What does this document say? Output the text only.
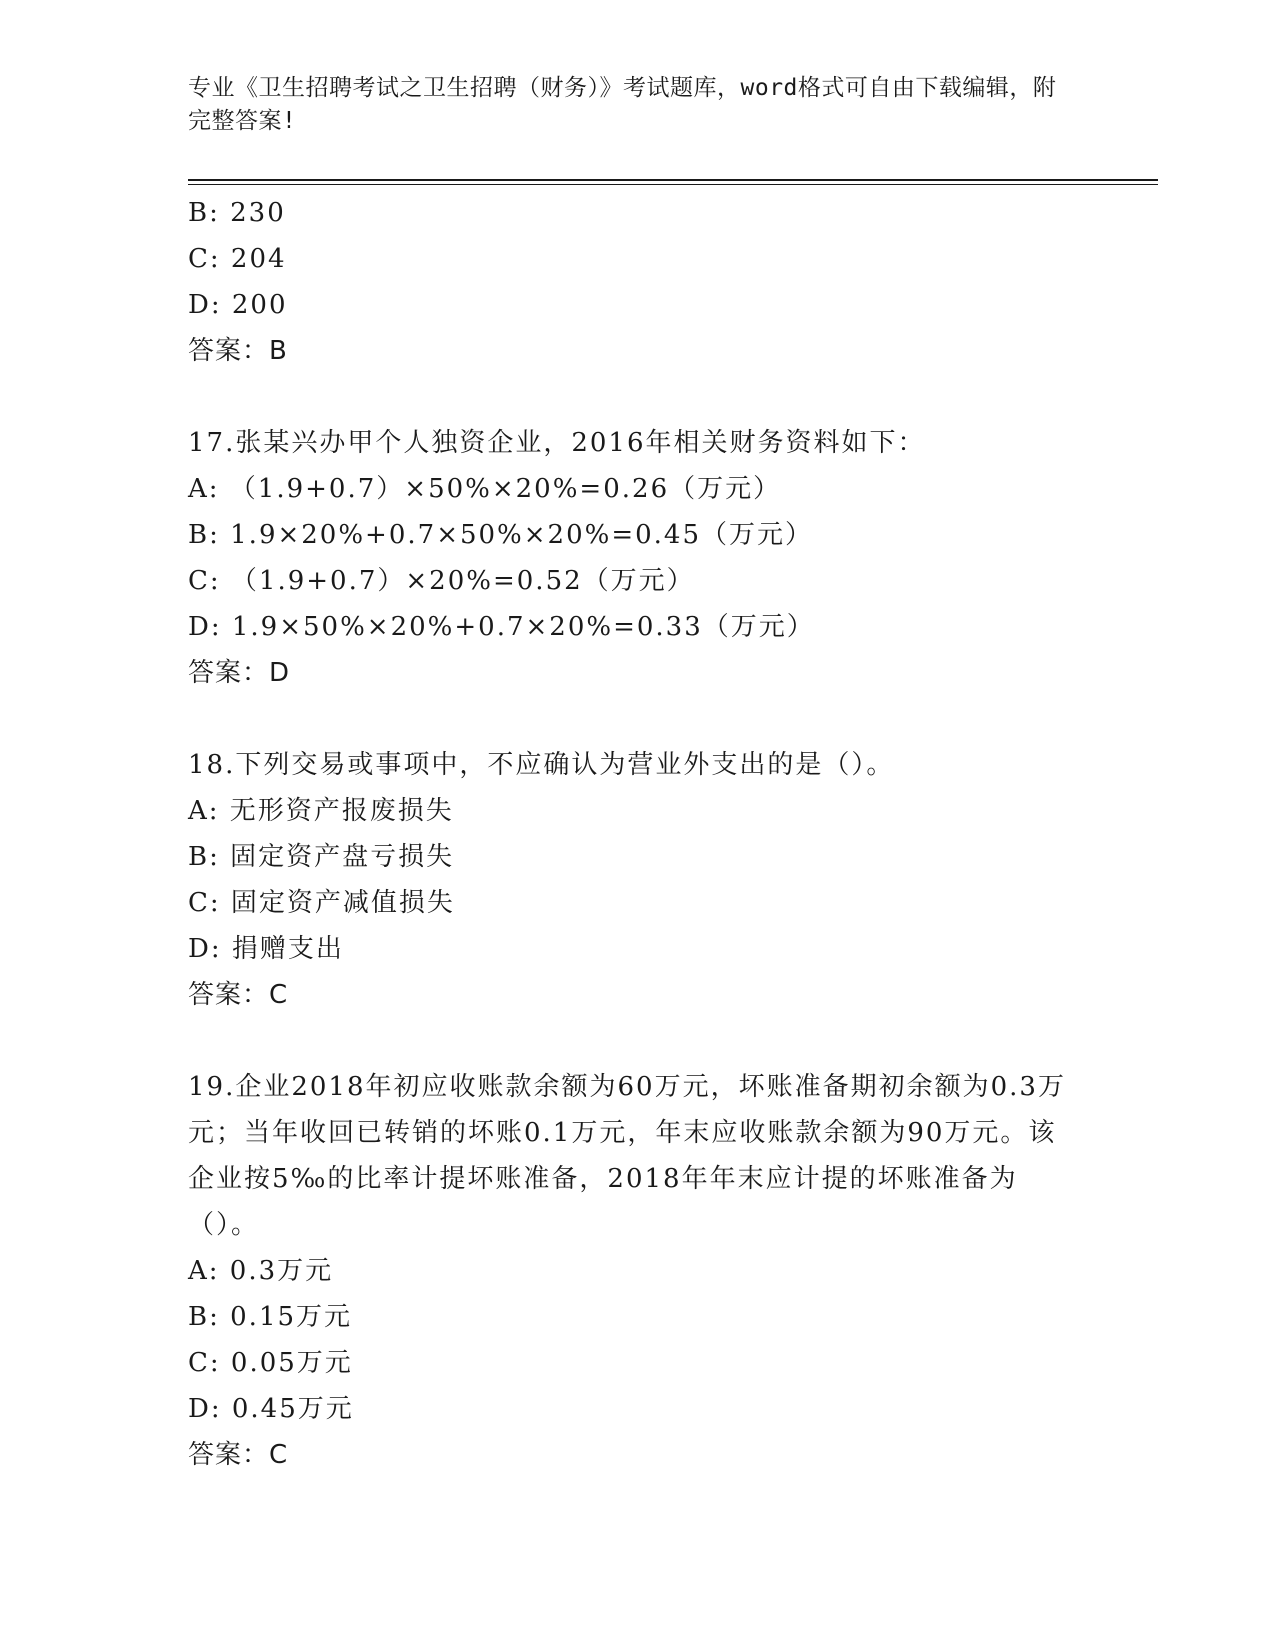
专业《卫生招聘考试之卫生招聘（财务）》考试题库，word格式可自由下载编辑，附完整答案!
B: 230
C: 204
D: 200
答案：B
17.张某兴办甲个人独资企业，2016年相关财务资料如下：
A: （1.9+0.7）×50%×20%=0.26（万元）
B: 1.9×20%+0.7×50%×20%=0.45（万元）
C: （1.9+0.7）×20%=0.52（万元）
D: 1.9×50%×20%+0.7×20%=0.33（万元）
答案：D
18.下列交易或事项中，不应确认为营业外支出的是（）。
A: 无形资产报废损失
B: 固定资产盘亏损失
C: 固定资产减值损失
D: 捐赠支出
答案：C
19.企业2018年初应收账款余额为60万元，坏账准备期初余额为0.3万元；当年收回已转销的坏账0.1万元，年末应收账款余额为90万元。该企业按5‰的比率计提坏账准备，2018年年末应计提的坏账准备为（）。
A: 0.3万元
B: 0.15万元
C: 0.05万元
D: 0.45万元
答案：C
